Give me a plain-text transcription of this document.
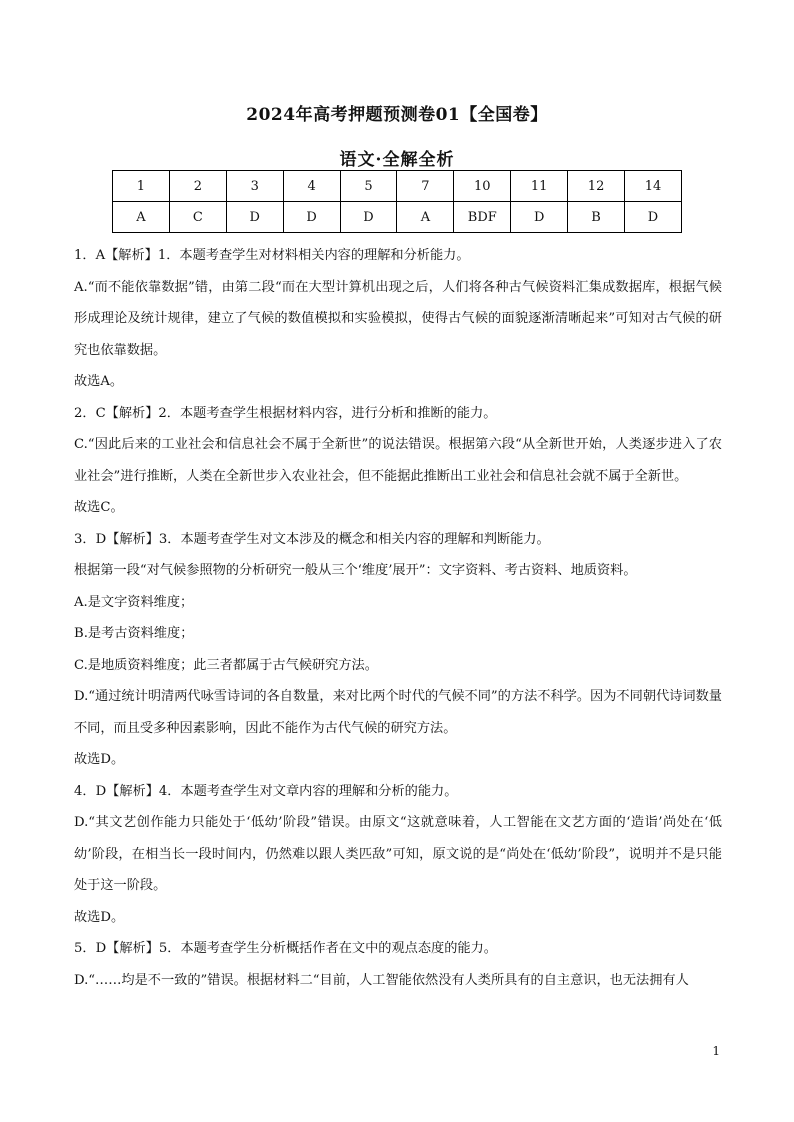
2024年高考押题预测卷01【全国卷】
语文·全解全析
1	2	3	4	5	7	10	11	12	14
A	C	D	D	D	A	BDF	D	B	D

1．A【解析】1．本题考查学生对材料相关内容的理解和分析能力。

A.“而不能依靠数据”错，由第二段“而在大型计算机出现之后，人们将各种古气候资料汇集成数据库，根据气候形成理论及统计规律，建立了气候的数值模拟和实验模拟，使得古气候的面貌逐渐清晰起来”可知对古气候的研究也依靠数据。

故选A。

2．C【解析】2．本题考查学生根据材料内容，进行分析和推断的能力。

C.“因此后来的工业社会和信息社会不属于全新世”的说法错误。根据第六段“从全新世开始，人类逐步进入了农业社会”进行推断，人类在全新世步入农业社会，但不能据此推断出工业社会和信息社会就不属于全新世。

故选C。

3．D【解析】3．本题考查学生对文本涉及的概念和相关内容的理解和判断能力。

根据第一段“对气候参照物的分析研究一般从三个‘维度’展开”：文字资料、考古资料、地质资料。

A.是文字资料维度；

B.是考古资料维度；

C.是地质资料维度；此三者都属于古气候研究方法。

D.“通过统计明清两代咏雪诗词的各自数量，来对比两个时代的气候不同”的方法不科学。因为不同朝代诗词数量不同，而且受多种因素影响，因此不能作为古代气候的研究方法。

故选D。

4．D【解析】4．本题考查学生对文章内容的理解和分析的能力。

D.“其文艺创作能力只能处于‘低幼’阶段”错误。由原文“这就意味着，人工智能在文艺方面的‘造诣’尚处在‘低幼’阶段，在相当长一段时间内，仍然难以跟人类匹敌”可知，原文说的是“尚处在‘低幼’阶段”，说明并不是只能处于这一阶段。

故选D。

5．D【解析】5．本题考查学生分析概括作者在文中的观点态度的能力。

D.“……均是不一致的”错误。根据材料二“目前，人工智能依然没有人类所具有的自主意识，也无法拥有人

1
